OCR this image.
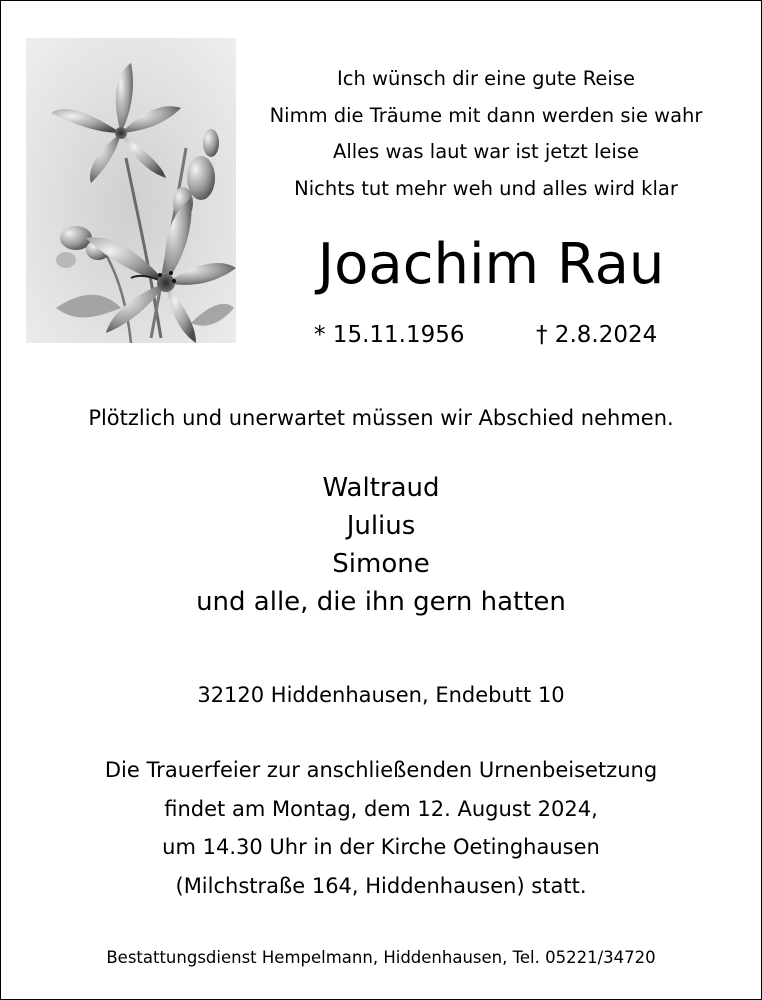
Ich wünsch dir eine gute Reise
Nimm die Träume mit dann werden sie wahr
Alles was laut war ist jetzt leise
Nichts tut mehr weh und alles wird klar
Joachim Rau
* 15.11.1956	† 2.8.2024
Plötzlich und unerwartet müssen wir Abschied nehmen.
Waltraud
Julius
Simone
und alle, die ihn gern hatten
32120 Hiddenhausen, Endebutt 10
Die Trauerfeier zur anschließenden Urnenbeisetzung
findet am Montag, dem 12. August 2024,
um 14.30 Uhr in der Kirche Oetinghausen
(Milchstraße 164, Hiddenhausen) statt.
Bestattungsdienst Hempelmann, Hiddenhausen, Tel. 05221/34720
